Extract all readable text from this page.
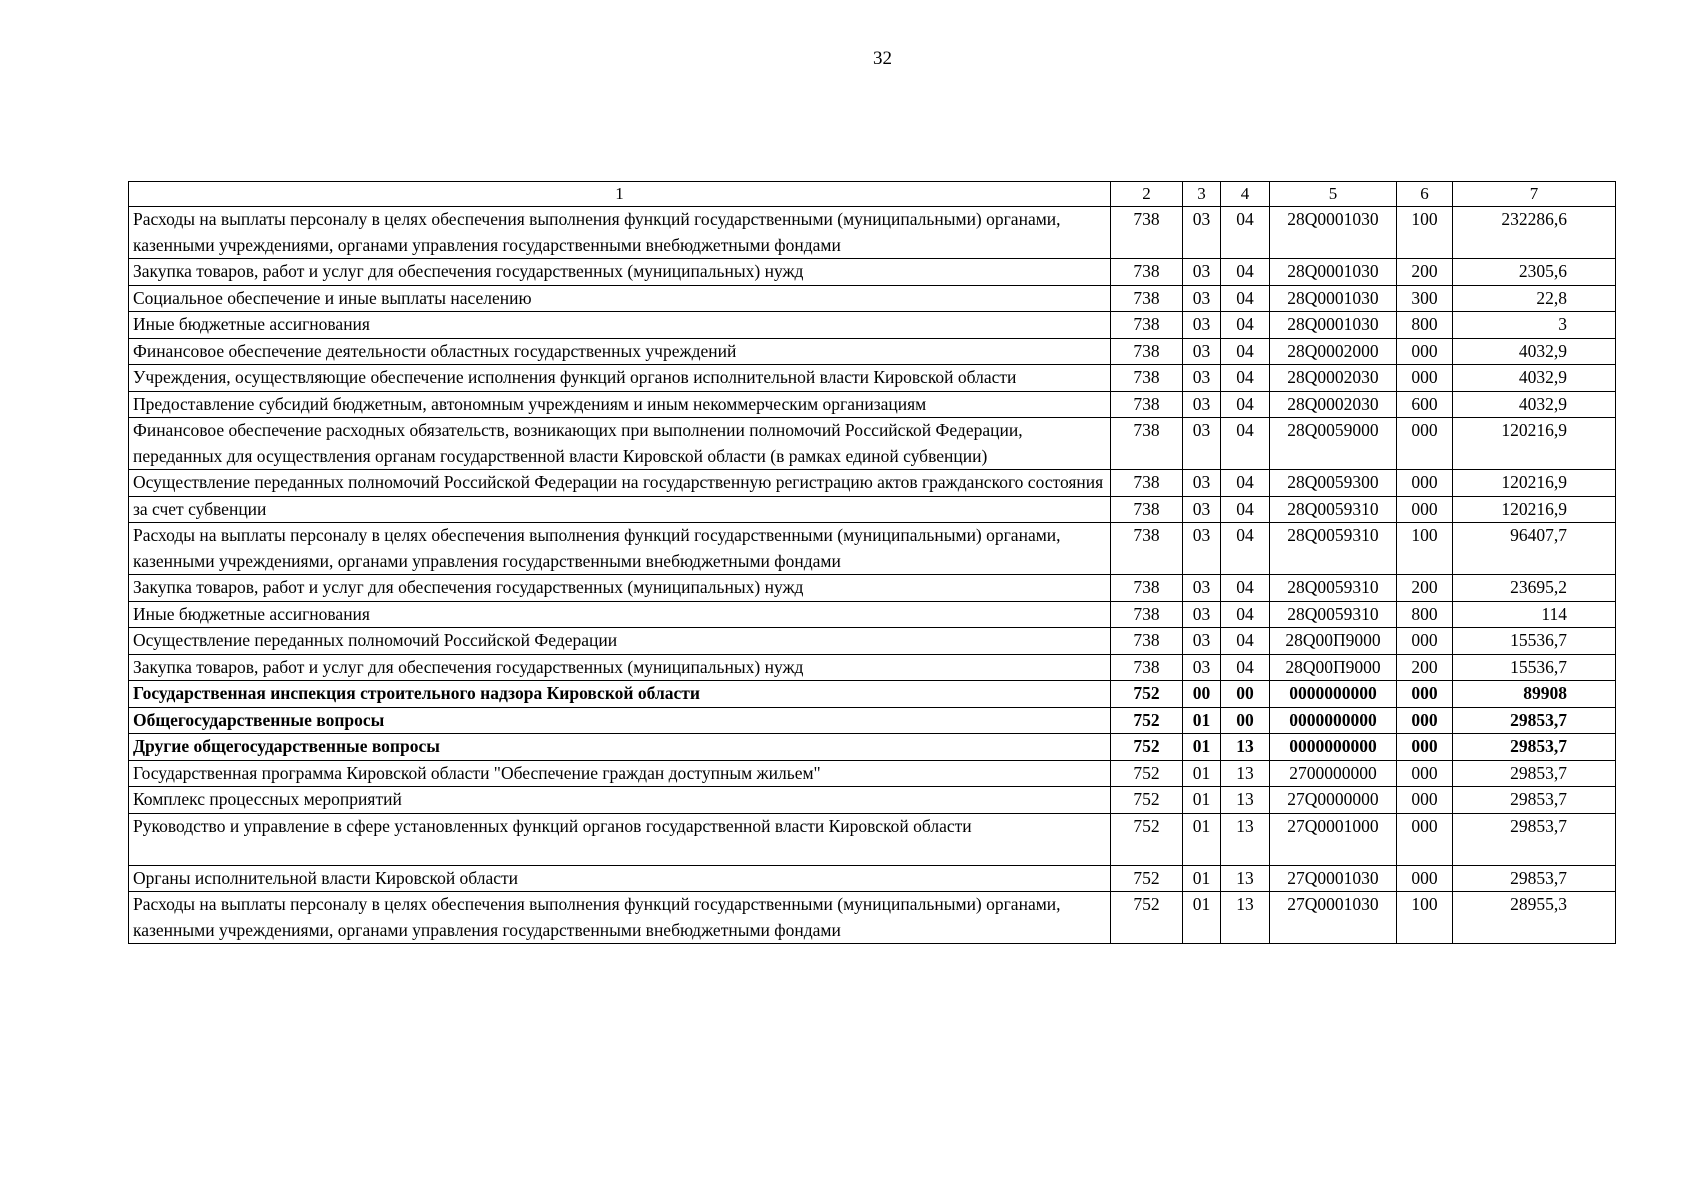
32
1	2	3	4	5	6	7
Расходы на выплаты персоналу в целях обеспечения выполнения функций государственными (муниципальными) органами, казенными учреждениями, органами управления государственными внебюджетными фондами	738	03	04	28Q0001030	100	232286,6
Закупка товаров, работ и услуг для обеспечения государственных (муниципальных) нужд	738	03	04	28Q0001030	200	2305,6
Социальное обеспечение и иные выплаты населению	738	03	04	28Q0001030	300	22,8
Иные бюджетные ассигнования	738	03	04	28Q0001030	800	3
Финансовое обеспечение деятельности областных государственных учреждений	738	03	04	28Q0002000	000	4032,9
Учреждения, осуществляющие обеспечение исполнения функций органов исполнительной власти Кировской области	738	03	04	28Q0002030	000	4032,9
Предоставление субсидий бюджетным, автономным учреждениям и иным некоммерческим организациям	738	03	04	28Q0002030	600	4032,9
Финансовое обеспечение расходных обязательств, возникающих при выполнении полномочий Российской Федерации, переданных для осуществления органам государственной власти Кировской области (в рамках единой субвенции)	738	03	04	28Q0059000	000	120216,9
Осуществление переданных полномочий Российской Федерации на государственную регистрацию актов гражданского состояния	738	03	04	28Q0059300	000	120216,9
за счет субвенции	738	03	04	28Q0059310	000	120216,9
Расходы на выплаты персоналу в целях обеспечения выполнения функций государственными (муниципальными) органами, казенными учреждениями, органами управления государственными внебюджетными фондами	738	03	04	28Q0059310	100	96407,7
Закупка товаров, работ и услуг для обеспечения государственных (муниципальных) нужд	738	03	04	28Q0059310	200	23695,2
Иные бюджетные ассигнования	738	03	04	28Q0059310	800	114
Осуществление переданных полномочий Российской Федерации	738	03	04	28Q00П9000	000	15536,7
Закупка товаров, работ и услуг для обеспечения государственных (муниципальных) нужд	738	03	04	28Q00П9000	200	15536,7
Государственная инспекция строительного надзора Кировской области	752	00	00	0000000000	000	89908
Общегосударственные вопросы	752	01	00	0000000000	000	29853,7
Другие общегосударственные вопросы	752	01	13	0000000000	000	29853,7
Государственная программа Кировской области "Обеспечение граждан доступным жильем"	752	01	13	2700000000	000	29853,7
Комплекс процессных мероприятий	752	01	13	27Q0000000	000	29853,7
Руководство и управление в сфере установленных функций органов государственной власти Кировской области	752	01	13	27Q0001000	000	29853,7
Органы исполнительной власти Кировской области	752	01	13	27Q0001030	000	29853,7
Расходы на выплаты персоналу в целях обеспечения выполнения функций государственными (муниципальными) органами, казенными учреждениями, органами управления государственными внебюджетными фондами	752	01	13	27Q0001030	100	28955,3
